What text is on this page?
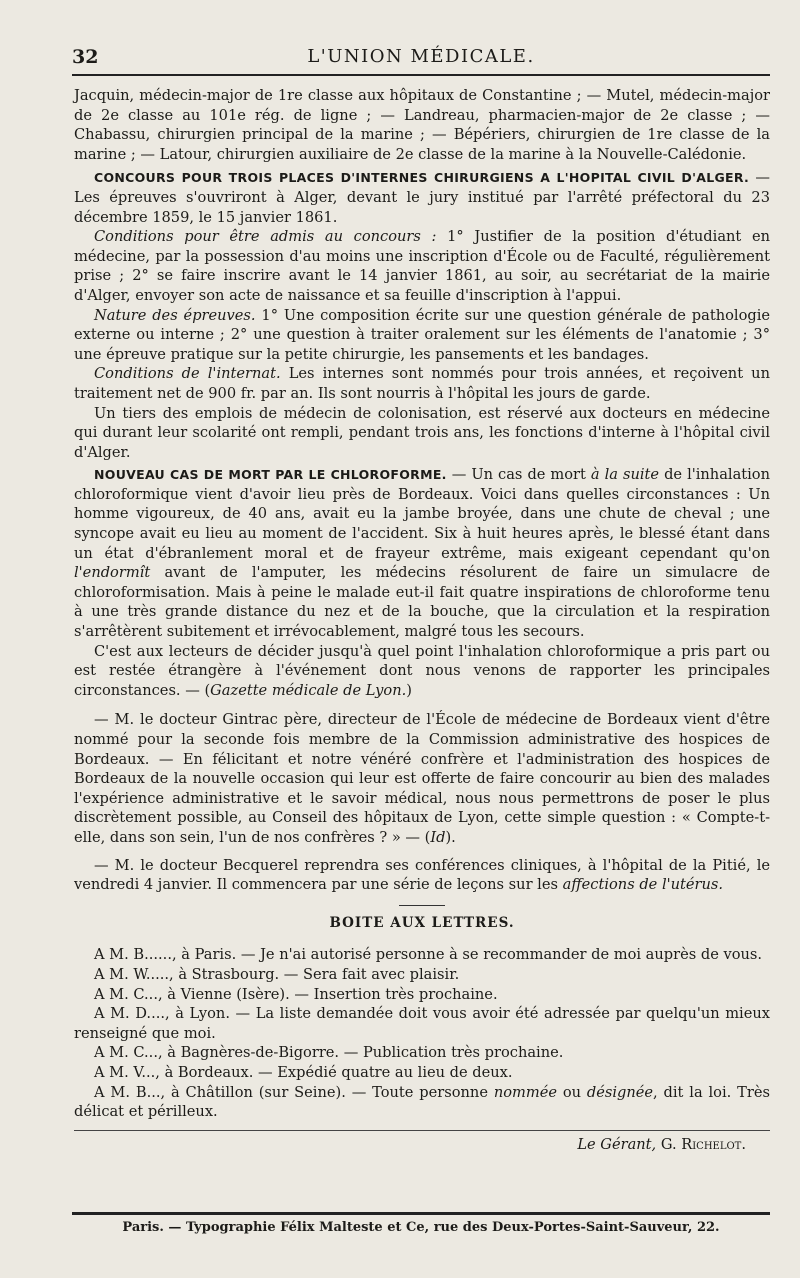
32	L'UNION MÉDICALE.

Jacquin, médecin-major de 1re classe aux hôpitaux de Constantine ; — Mutel, médecin-major de 2e classe au 101e rég. de ligne ; — Landreau, pharmacien-major de 2e classe ; — Chabassu, chirurgien principal de la marine ; — Bépériers, chirurgien de 1re classe de la marine ; — Latour, chirurgien auxiliaire de 2e classe de la marine à la Nouvelle-Calédonie.

CONCOURS POUR TROIS PLACES D'INTERNES CHIRURGIENS A L'HOPITAL CIVIL D'ALGER. — Les épreuves s'ouvriront à Alger, devant le jury institué par l'arrêté préfectoral du 23 décembre 1859, le 15 janvier 1861.

Conditions pour être admis au concours : 1° Justifier de la position d'étudiant en médecine, par la possession d'au moins une inscription d'École ou de Faculté, régulièrement prise ; 2° se faire inscrire avant le 14 janvier 1861, au soir, au secrétariat de la mairie d'Alger, envoyer son acte de naissance et sa feuille d'inscription à l'appui.

Nature des épreuves. 1° Une composition écrite sur une question générale de pathologie externe ou interne ; 2° une question à traiter oralement sur les éléments de l'anatomie ; 3° une épreuve pratique sur la petite chirurgie, les pansements et les bandages.

Conditions de l'internat. Les internes sont nommés pour trois années, et reçoivent un traitement net de 900 fr. par an. Ils sont nourris à l'hôpital les jours de garde.

Un tiers des emplois de médecin de colonisation, est réservé aux docteurs en médecine qui durant leur scolarité ont rempli, pendant trois ans, les fonctions d'interne à l'hôpital civil d'Alger.

NOUVEAU CAS DE MORT PAR LE CHLOROFORME. — Un cas de mort à la suite de l'inhalation chloroformique vient d'avoir lieu près de Bordeaux. Voici dans quelles circonstances : Un homme vigoureux, de 40 ans, avait eu la jambe broyée, dans une chute de cheval ; une syncope avait eu lieu au moment de l'accident. Six à huit heures après, le blessé étant dans un état d'ébranlement moral et de frayeur extrême, mais exigeant cependant qu'on l'endormît avant de l'amputer, les médecins résolurent de faire un simulacre de chloroformisation. Mais à peine le malade eut-il fait quatre inspirations de chloroforme tenu à une très grande distance du nez et de la bouche, que la circulation et la respiration s'arrêtèrent subitement et irrévocablement, malgré tous les secours.

C'est aux lecteurs de décider jusqu'à quel point l'inhalation chloroformique a pris part ou est restée étrangère à l'événement dont nous venons de rapporter les principales circonstances. — (Gazette médicale de Lyon.)

— M. le docteur Gintrac père, directeur de l'École de médecine de Bordeaux vient d'être nommé pour la seconde fois membre de la Commission administrative des hospices de Bordeaux. — En félicitant et notre vénéré confrère et l'administration des hospices de Bordeaux de la nouvelle occasion qui leur est offerte de faire concourir au bien des malades l'expérience administrative et le savoir médical, nous nous permettrons de poser le plus discrètement possible, au Conseil des hôpitaux de Lyon, cette simple question : « Compte-t-elle, dans son sein, l'un de nos confrères ? » — (Id).

— M. le docteur Becquerel reprendra ses conférences cliniques, à l'hôpital de la Pitié, le vendredi 4 janvier. Il commencera par une série de leçons sur les affections de l'utérus.

BOITE AUX LETTRES.

A M. B......, à Paris. — Je n'ai autorisé personne à se recommander de moi auprès de vous.

A M. W....., à Strasbourg. — Sera fait avec plaisir.

A M. C..., à Vienne (Isère). — Insertion très prochaine.

A M. D...., à Lyon. — La liste demandée doit vous avoir été adressée par quelqu'un mieux renseigné que moi.

A M. C..., à Bagnères-de-Bigorre. — Publication très prochaine.

A M. V..., à Bordeaux. — Expédié quatre au lieu de deux.

A M. B..., à Châtillon (sur Seine). — Toute personne nommée ou désignée, dit la loi. Très délicat et périlleux.

Le Gérant, G. Richelot.
Paris. — Typographie Félix Malteste et Ce, rue des Deux-Portes-Saint-Sauveur, 22.
